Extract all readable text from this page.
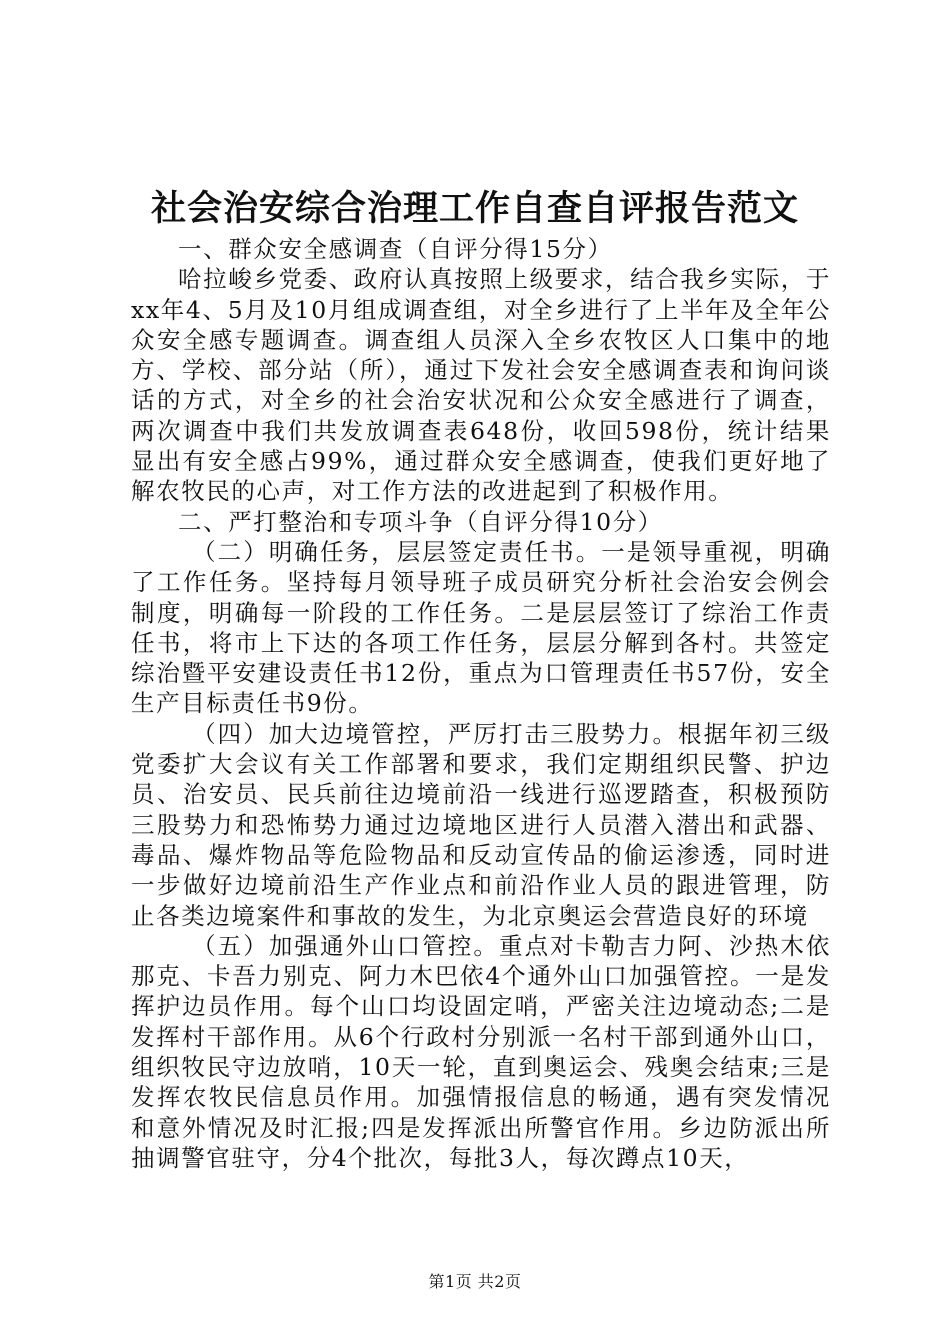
社会治安综合治理工作自查自评报告范文

一、群众安全感调查（自评分得15分）

哈拉峻乡党委、政府认真按照上级要求，结合我乡实际，于xx年4、5月及10月组成调查组，对全乡进行了上半年及全年公众安全感专题调查。调查组人员深入全乡农牧区人口集中的地方、学校、部分站（所），通过下发社会安全感调查表和询问谈话的方式，对全乡的社会治安状况和公众安全感进行了调查，两次调查中我们共发放调查表648份，收回598份，统计结果显出有安全感占99%，通过群众安全感调查，使我们更好地了解农牧民的心声，对工作方法的改进起到了积极作用。

二、严打整治和专项斗争（自评分得10分）

（二）明确任务，层层签定责任书。一是领导重视，明确了工作任务。坚持每月领导班子成员研究分析社会治安会例会制度，明确每一阶段的工作任务。二是层层签订了综治工作责任书，将市上下达的各项工作任务，层层分解到各村。共签定综治暨平安建设责任书12份，重点为口管理责任书57份，安全生产目标责任书9份。

（四）加大边境管控，严厉打击三股势力。根据年初三级党委扩大会议有关工作部署和要求，我们定期组织民警、护边员、治安员、民兵前往边境前沿一线进行巡逻踏查，积极预防三股势力和恐怖势力通过边境地区进行人员潜入潜出和武器、毒品、爆炸物品等危险物品和反动宣传品的偷运渗透，同时进一步做好边境前沿生产作业点和前沿作业人员的跟进管理，防止各类边境案件和事故的发生，为北京奥运会营造良好的环境

（五）加强通外山口管控。重点对卡勒吉力阿、沙热木依那克、卡吾力别克、阿力木巴依4个通外山口加强管控。一是发挥护边员作用。每个山口均设固定哨，严密关注边境动态;二是发挥村干部作用。从6个行政村分别派一名村干部到通外山口，组织牧民守边放哨，10天一轮，直到奥运会、残奥会结束;三是发挥农牧民信息员作用。加强情报信息的畅通，遇有突发情况和意外情况及时汇报;四是发挥派出所警官作用。乡边防派出所抽调警官驻守，分4个批次，每批3人，每次蹲点10天，

第1页 共2页
